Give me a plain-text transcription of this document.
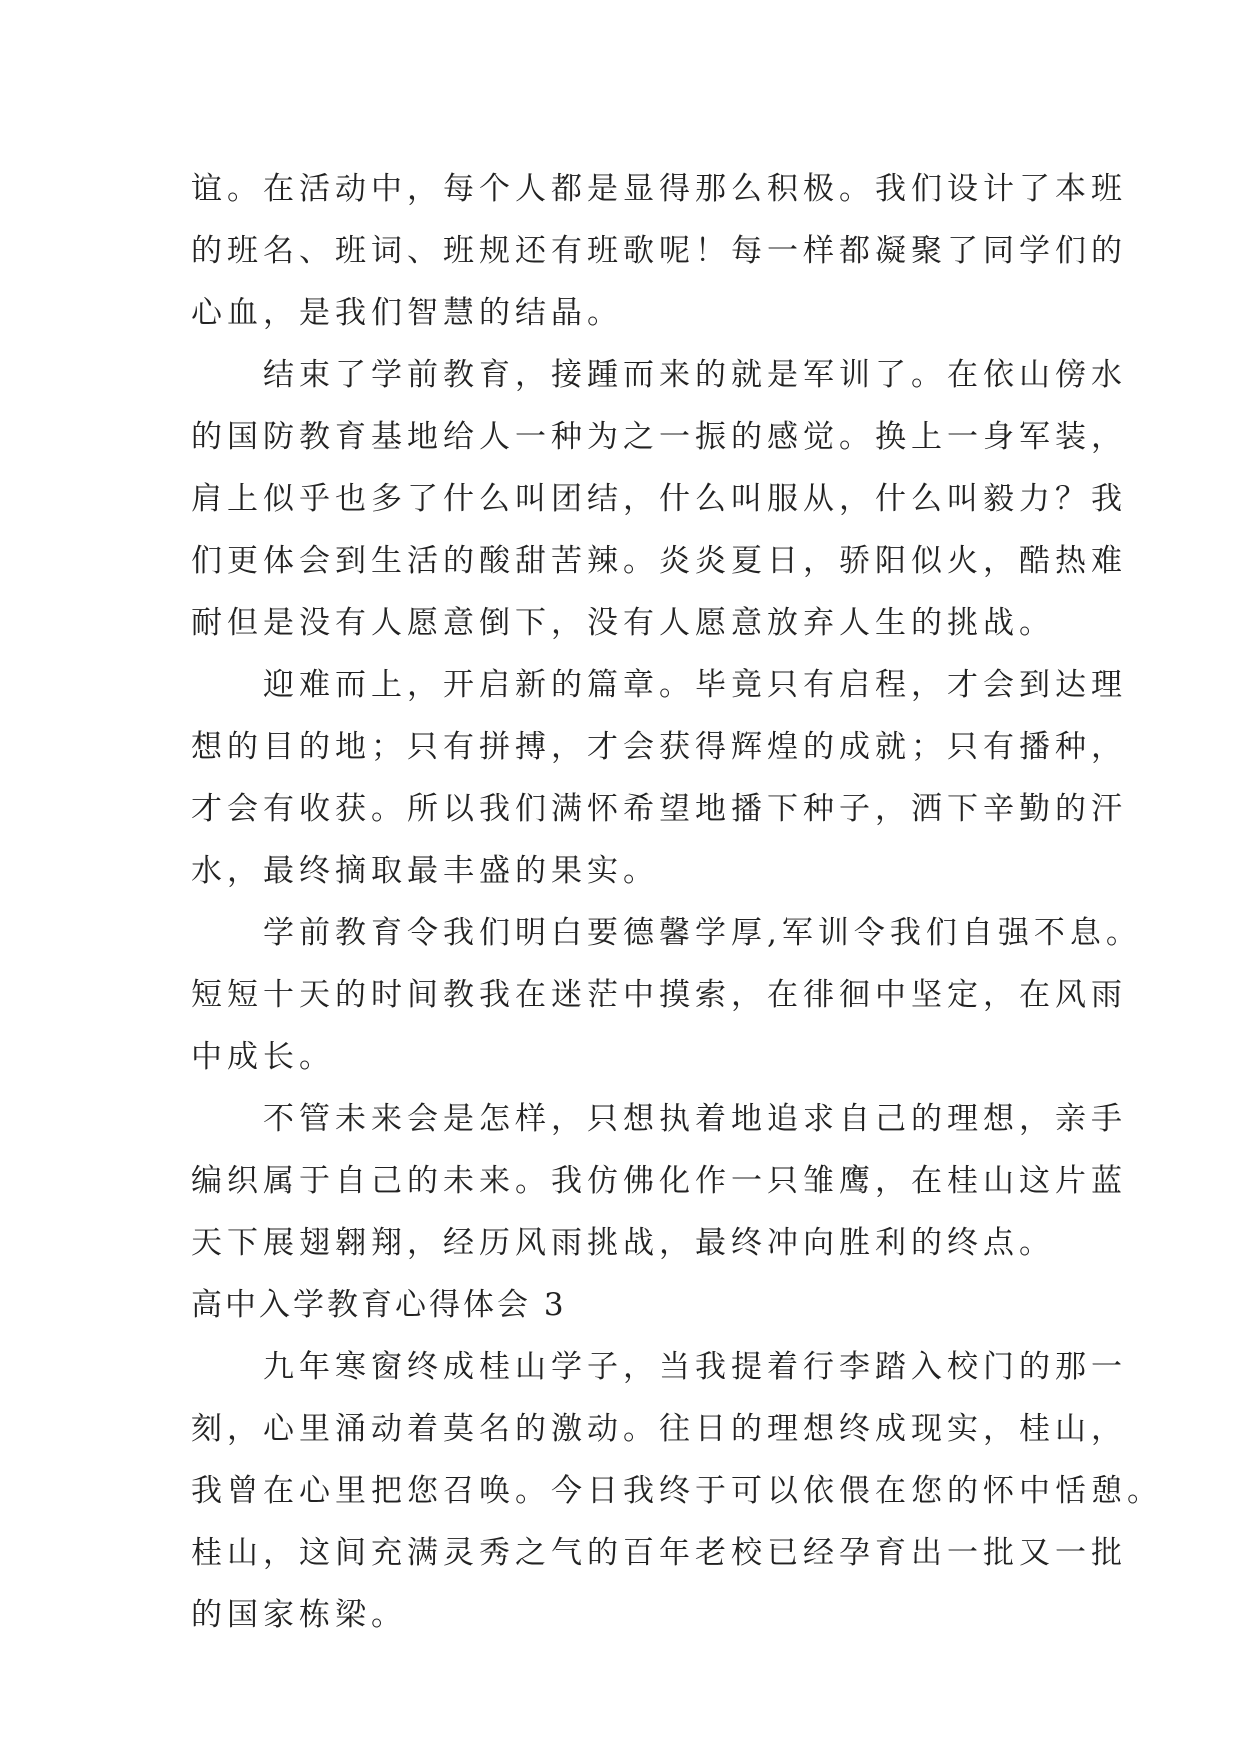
谊。在活动中，每个人都是显得那么积极。我们设计了本班
的班名、班词、班规还有班歌呢！每一样都凝聚了同学们的
心血，是我们智慧的结晶。
　　结束了学前教育，接踵而来的就是军训了。在依山傍水
的国防教育基地给人一种为之一振的感觉。换上一身军装，
肩上似乎也多了什么叫团结，什么叫服从，什么叫毅力？我
们更体会到生活的酸甜苦辣。炎炎夏日，骄阳似火，酷热难
耐但是没有人愿意倒下，没有人愿意放弃人生的挑战。
　　迎难而上，开启新的篇章。毕竟只有启程，才会到达理
想的目的地；只有拼搏，才会获得辉煌的成就；只有播种，
才会有收获。所以我们满怀希望地播下种子，洒下辛勤的汗
水，最终摘取最丰盛的果实。
　　学前教育令我们明白要德馨学厚,军训令我们自强不息。
短短十天的时间教我在迷茫中摸索，在徘徊中坚定，在风雨
中成长。
　　不管未来会是怎样，只想执着地追求自己的理想，亲手
编织属于自己的未来。我仿佛化作一只雏鹰，在桂山这片蓝
天下展翅翱翔，经历风雨挑战，最终冲向胜利的终点。
高中入学教育心得体会 3
　　九年寒窗终成桂山学子，当我提着行李踏入校门的那一
刻，心里涌动着莫名的激动。往日的理想终成现实，桂山，
我曾在心里把您召唤。今日我终于可以依偎在您的怀中恬憩。
桂山，这间充满灵秀之气的百年老校已经孕育出一批又一批
的国家栋梁。
